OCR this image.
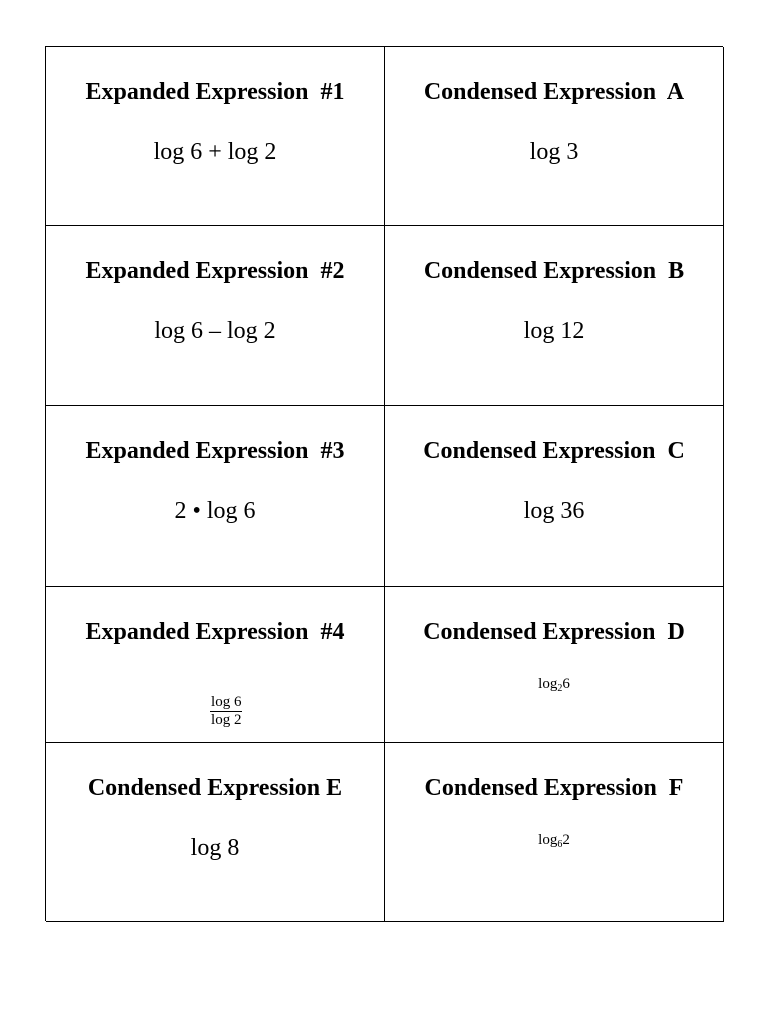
Expanded Expression  #1
log 6 + log 2
Condensed Expression  A
log 3
Expanded Expression  #2
log 6 – log 2
Condensed Expression  B
log 12
Expanded Expression  #3
2 • log 6
Condensed Expression  C
log 36
Expanded Expression  #4

$\frac{\log 6}{\log 2}$

Condensed Expression  D
$\log_26$
Condensed Expression E
log 8
Condensed Expression  F
$\log_62$
